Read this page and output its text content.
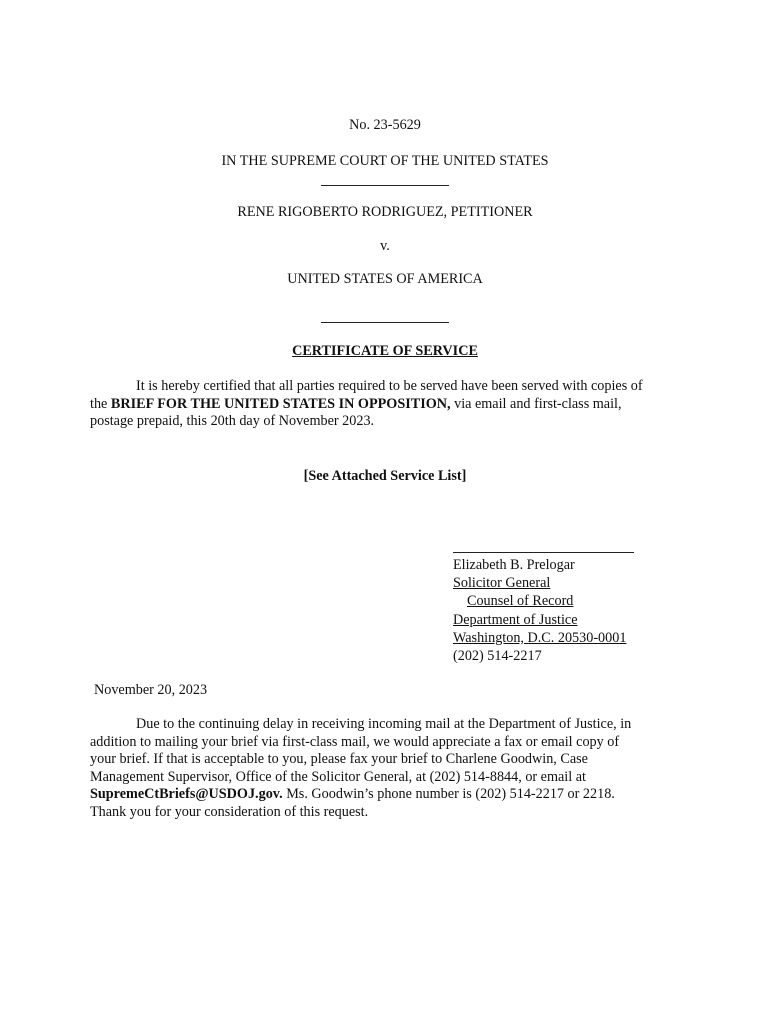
No. 23-5629
IN THE SUPREME COURT OF THE UNITED STATES
RENE RIGOBERTO RODRIGUEZ, PETITIONER
v.
UNITED STATES OF AMERICA
CERTIFICATE OF SERVICE
It is hereby certified that all parties required to be served have been served with copies of
the BRIEF FOR THE UNITED STATES IN OPPOSITION, via email and first-class mail,
postage prepaid, this 20th day of November 2023.
[See Attached Service List]
Elizabeth B. Prelogar
Solicitor General
Counsel of Record
Department of Justice
Washington, D.C. 20530-0001
(202) 514-2217
November 20, 2023
Due to the continuing delay in receiving incoming mail at the Department of Justice, in
addition to mailing your brief via first-class mail, we would appreciate a fax or email copy of
your brief. If that is acceptable to you, please fax your brief to Charlene Goodwin, Case
Management Supervisor, Office of the Solicitor General, at (202) 514-8844, or email at
SupremeCtBriefs@USDOJ.gov. Ms. Goodwin’s phone number is (202) 514-2217 or 2218.
Thank you for your consideration of this request.
